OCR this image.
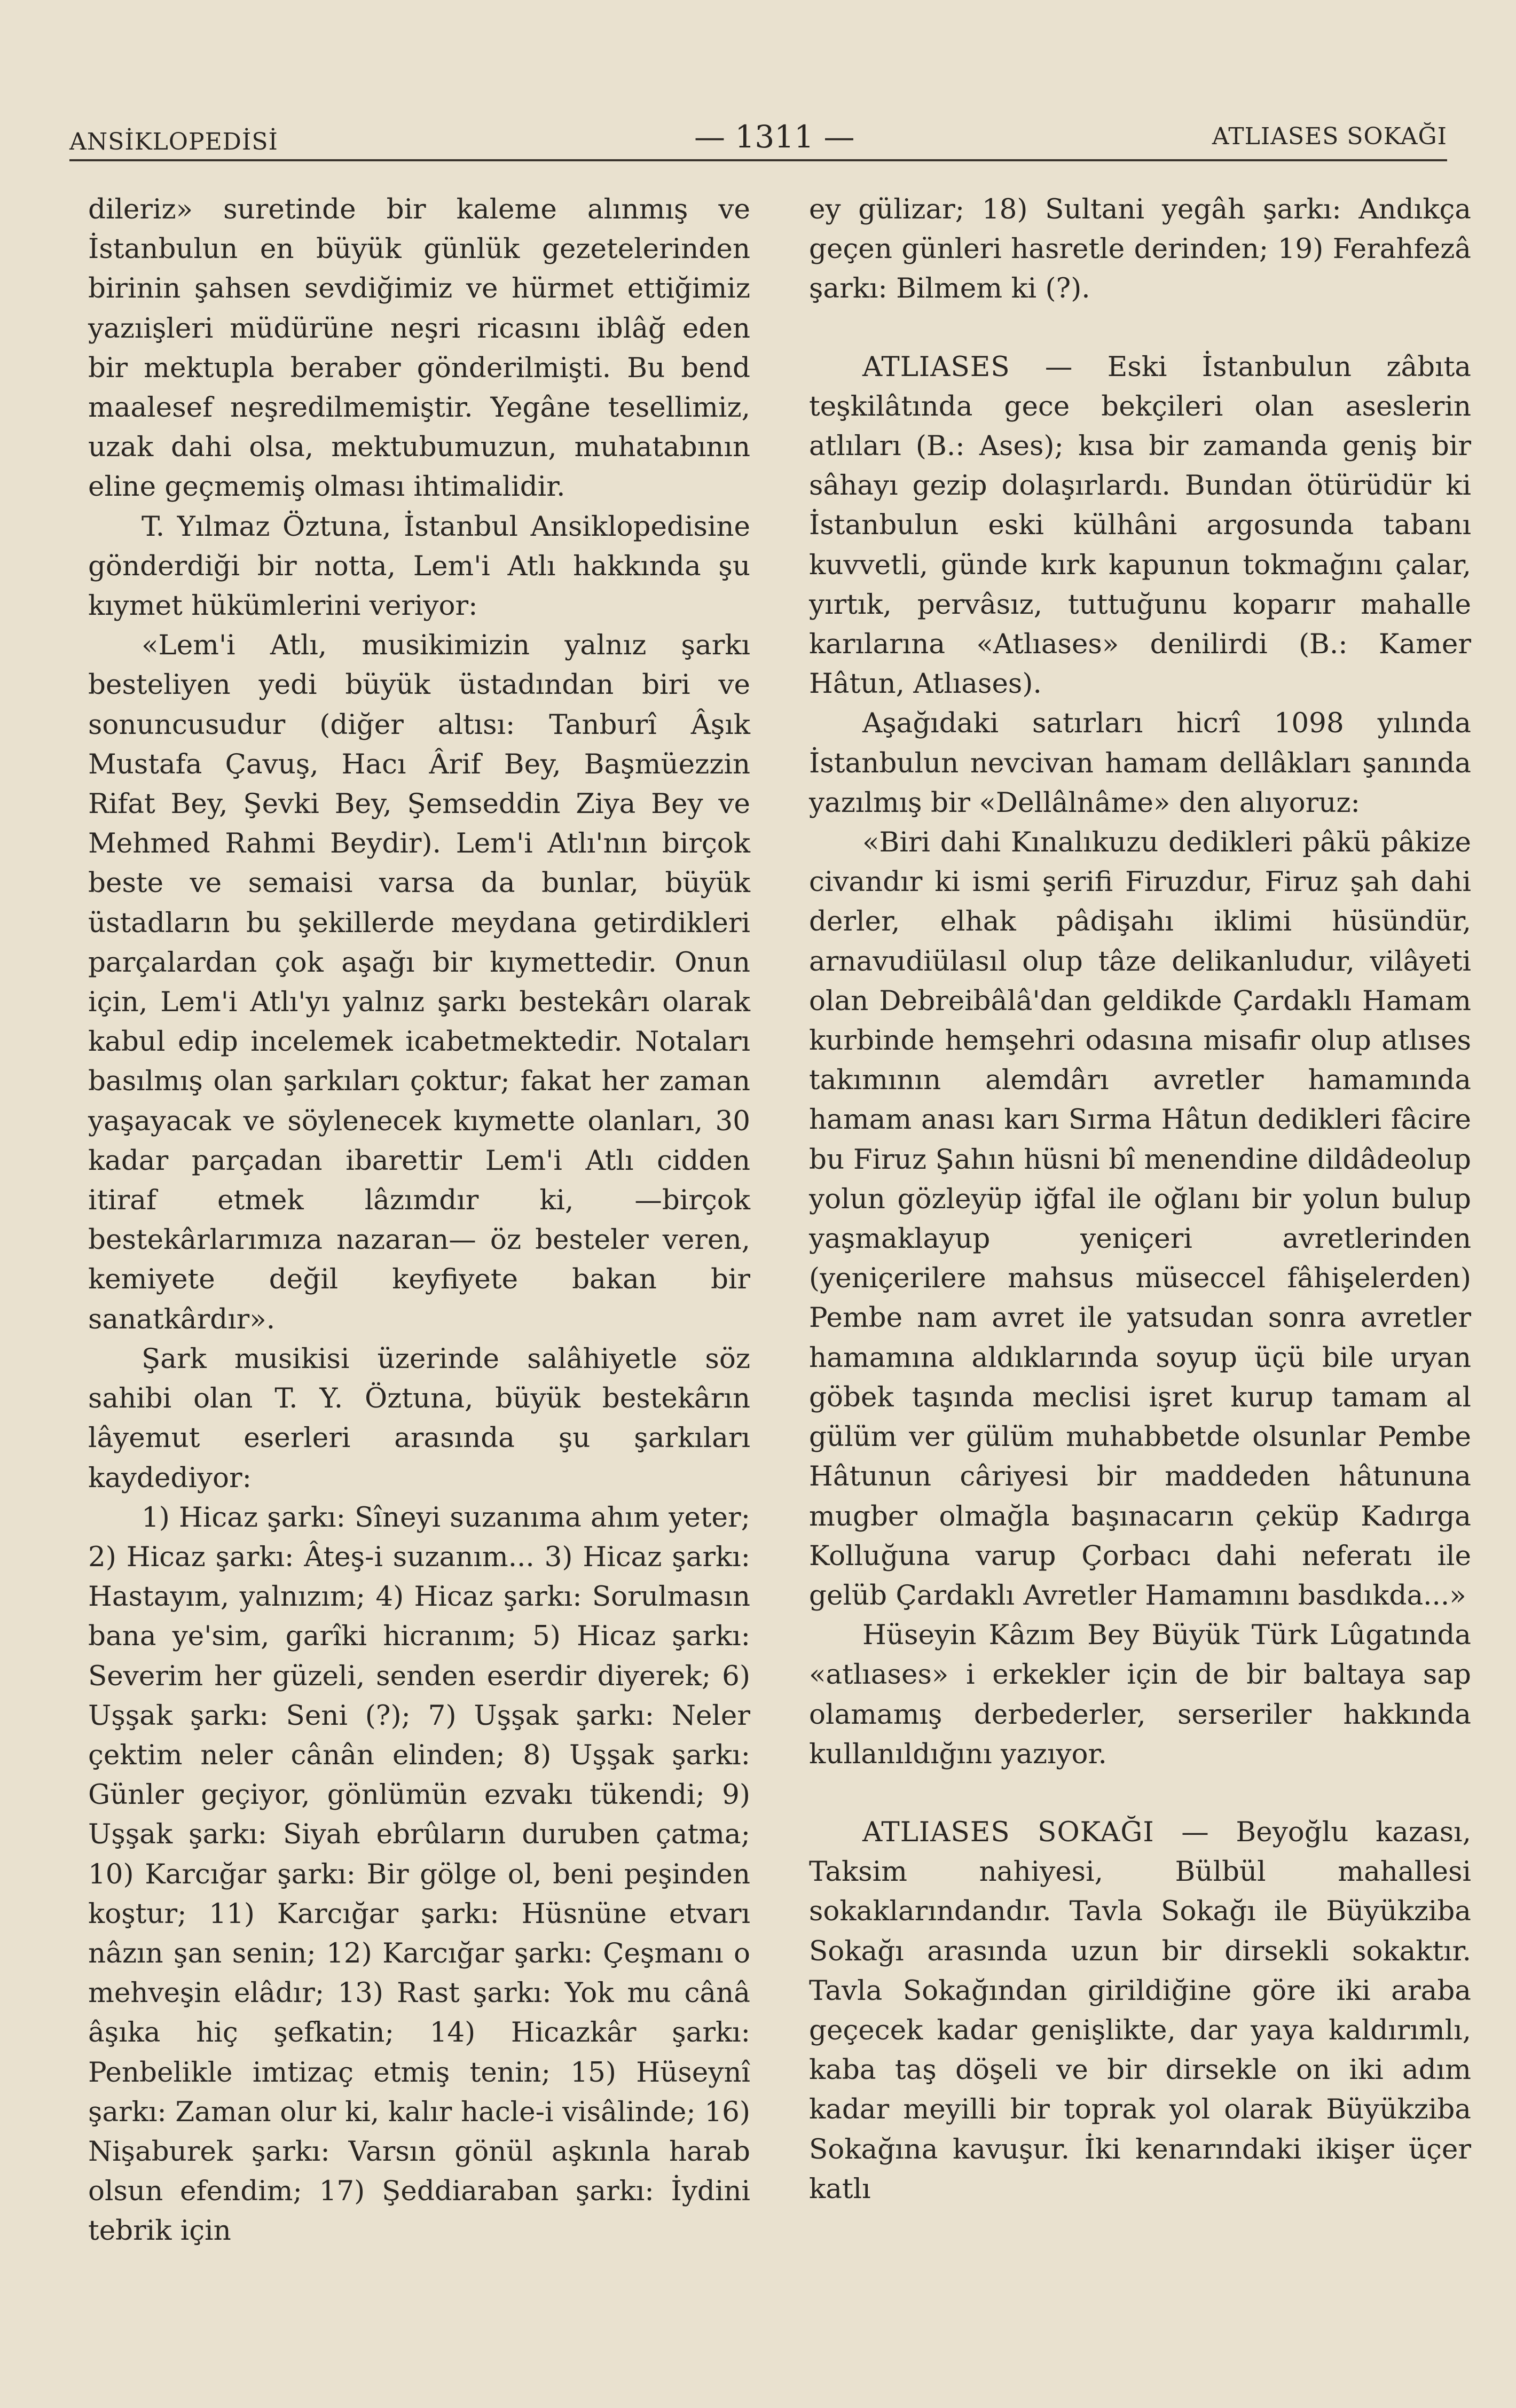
ANSİKLOPEDİSİ	— 1311 —	ATLIASES SOKAĞI

dileriz» suretinde bir kaleme alınmış ve İstanbulun en büyük günlük gezetelerinden birinin şahsen sevdiğimiz ve hürmet ettiğimiz yazıişleri müdürüne neşri ricasını iblâğ eden bir mektupla beraber gönderilmişti. Bu bend maalesef neşredilmemiştir. Yegâne tesellimiz, uzak dahi olsa, mektubumuzun, muhatabının eline geçmemiş olması ihtimalidir.

T. Yılmaz Öztuna, İstanbul Ansiklopedisine gönderdiği bir notta, Lem'i Atlı hakkında şu kıymet hükümlerini veriyor:

«Lem'i Atlı, musikimizin yalnız şarkı besteliyen yedi büyük üstadından biri ve sonuncusudur (diğer altısı: Tanburî Âşık Mustafa Çavuş, Hacı Ârif Bey, Başmüezzin Rifat Bey, Şevki Bey, Şemseddin Ziya Bey ve Mehmed Rahmi Beydir). Lem'i Atlı'nın birçok beste ve semaisi varsa da bunlar, büyük üstadların bu şekillerde meydana getirdikleri parçalardan çok aşağı bir kıymettedir. Onun için, Lem'i Atlı'yı yalnız şarkı bestekârı olarak kabul edip incelemek icabetmektedir. Notaları basılmış olan şarkıları çoktur; fakat her zaman yaşayacak ve söylenecek kıymette olanları, 30 kadar parçadan ibarettir Lem'i Atlı cidden itiraf etmek lâzımdır ki, —birçok bestekârlarımıza nazaran— öz besteler veren, kemiyete değil keyfiyete bakan bir sanatkârdır».

Şark musikisi üzerinde salâhiyetle söz sahibi olan T. Y. Öztuna, büyük bestekârın lâyemut eserleri arasında şu şarkıları kaydediyor:

1) Hicaz şarkı: Sîneyi suzanıma ahım yeter; 2) Hicaz şarkı: Âteş-i suzanım... 3) Hicaz şarkı: Hastayım, yalnızım; 4) Hicaz şarkı: Sorulmasın bana ye'sim, garîki hicranım; 5) Hicaz şarkı: Severim her güzeli, senden eserdir diyerek; 6) Uşşak şarkı: Seni (?); 7) Uşşak şarkı: Neler çektim neler cânân elinden; 8) Uşşak şarkı: Günler geçiyor, gönlümün ezvakı tükendi; 9) Uşşak şarkı: Siyah ebrûların duruben çatma; 10) Karcığar şarkı: Bir gölge ol, beni peşinden koştur; 11) Karcığar şarkı: Hüsnüne etvarı nâzın şan senin; 12) Karcığar şarkı: Çeşmanı o mehveşin elâdır; 13) Rast şarkı: Yok mu cânâ âşıka hiç şefkatin; 14) Hicazkâr şarkı: Penbelikle imtizaç etmiş tenin; 15) Hüseynî şarkı: Zaman olur ki, kalır hacle-i visâlinde; 16) Nişaburek şarkı: Varsın gönül aşkınla harab olsun efendim; 17) Şeddiaraban şarkı: İydini tebrik için

ey gülizar; 18) Sultani yegâh şarkı: Andıkça geçen günleri hasretle derinden; 19) Ferahfezâ şarkı: Bilmem ki (?).

ATLIASES — Eski İstanbulun zâbıta teşkilâtında gece bekçileri olan aseslerin atlıları (B.: Ases); kısa bir zamanda geniş bir sâhayı gezip dolaşırlardı. Bundan ötürüdür ki İstanbulun eski külhâni argosunda tabanı kuvvetli, günde kırk kapunun tokmağını çalar, yırtık, pervâsız, tuttuğunu koparır mahalle karılarına «Atlıases» denilirdi (B.: Kamer Hâtun, Atlıases).

Aşağıdaki satırları hicrî 1098 yılında İstanbulun nevcivan hamam dellâkları şanında yazılmış bir «Dellâlnâme» den alıyoruz:

«Biri dahi Kınalıkuzu dedikleri pâkü pâkize civandır ki ismi şerifi Firuzdur, Firuz şah dahi derler, elhak pâdişahı iklimi hüsündür, arnavudiülasıl olup tâze delikanludur, vilâyeti olan Debreibâlâ'dan geldikde Çardaklı Hamam kurbinde hemşehri odasına misafir olup atlıses takımının alemdârı avretler hamamında hamam anası karı Sırma Hâtun dedikleri fâcire bu Firuz Şahın hüsni bî menendine dildâdeolup yolun gözleyüp iğfal ile oğlanı bir yolun bulup yaşmaklayup yeniçeri avretlerinden (yeniçerilere mahsus müseccel fâhişelerden) Pembe nam avret ile yatsudan sonra avretler hamamına aldıklarında soyup üçü bile uryan göbek taşında meclisi işret kurup tamam al gülüm ver gülüm muhabbetde olsunlar Pembe Hâtunun câriyesi bir maddeden hâtununa mugber olmağla başınacarın çeküp Kadırga Kolluğuna varup Çorbacı dahi neferatı ile gelüb Çardaklı Avretler Hamamını basdıkda...»

Hüseyin Kâzım Bey Büyük Türk Lûgatında «atlıases» i erkekler için de bir baltaya sap olamamış derbederler, serseriler hakkında kullanıldığını yazıyor.

ATLIASES SOKAĞI — Beyoğlu kazası, Taksim nahiyesi, Bülbül mahallesi sokaklarındandır. Tavla Sokağı ile Büyükziba Sokağı arasında uzun bir dirsekli sokaktır. Tavla Sokağından girildiğine göre iki araba geçecek kadar genişlikte, dar yaya kaldırımlı, kaba taş döşeli ve bir dirsekle on iki adım kadar meyilli bir toprak yol olarak Büyükziba Sokağına kavuşur. İki kenarındaki ikişer üçer katlı
